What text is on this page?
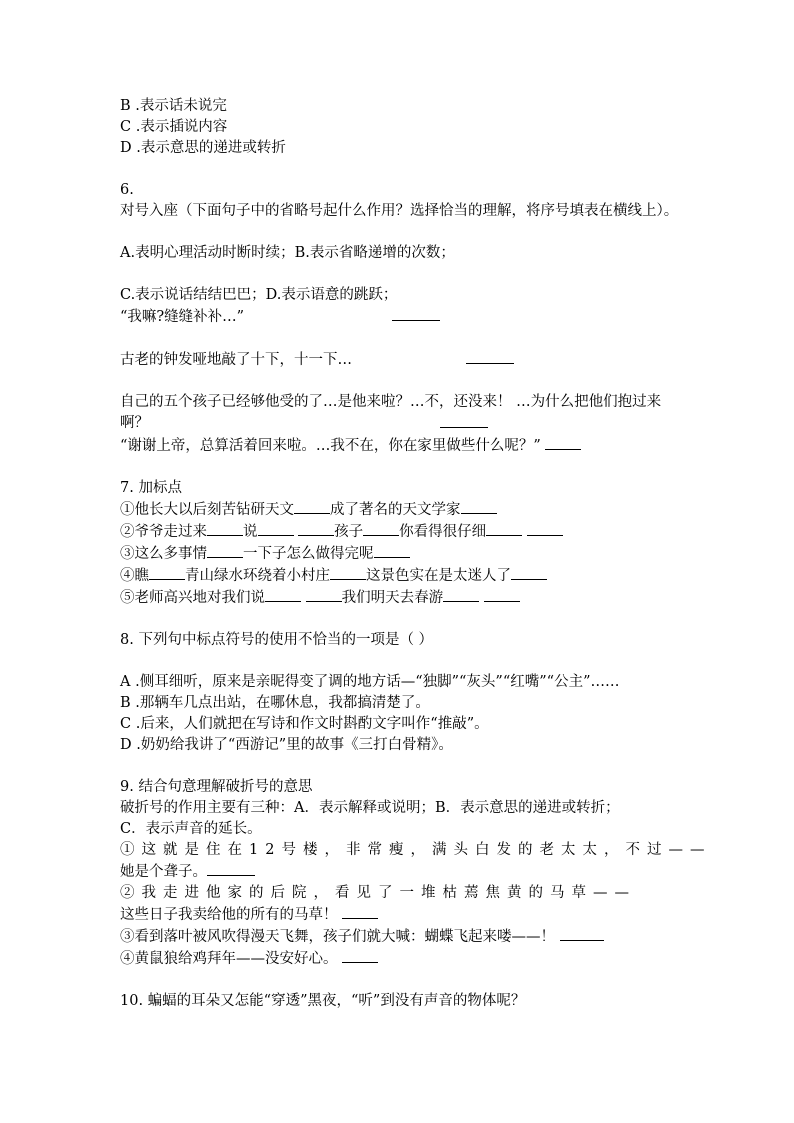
B .表示话未说完
C .表示插说内容
D .表示意思的递进或转折
6.
对号入座（下面句子中的省略号起什么作用？选择恰当的理解，将序号填表在横线上）。
A.表明心理活动时断时续；B.表示省略递增的次数；
C.表示说话结结巴巴；D.表示语意的跳跃；
“我嘛?缝缝补补…”
古老的钟发哑地敲了十下，十一下…
自己的五个孩子已经够他受的了…是他来啦？…不，还没来！ …为什么把他们抱过来啊？
“谢谢上帝，总算活着回来啦。…我不在，你在家里做些什么呢？”
7. 加标点
①他长大以后刻苦钻研天文 成了著名的天文学家
②爷爷走过来 说	孩子 你看得很仔细
③这么多事情 一下子怎么做得完呢
④瞧 青山绿水环绕着小村庄 这景色实在是太迷人了
⑤老师高兴地对我们说	我们明天去春游
8. 下列句中标点符号的使用不恰当的一项是（ ）
A .侧耳细听，原来是亲昵得变了调的地方话—“独脚”“灰头”“红嘴”“公主”……
B .那辆车几点出站，在哪休息，我都搞清楚了。
C .后来，人们就把在写诗和作文时斟酌文字叫作“推敲”。
D .奶奶给我讲了“西游记”里的故事《三打白骨精》。
9. 结合句意理解破折号的意思
破折号的作用主要有三种：A．表示解释或说明；B．表示意思的递进或转折；
C．表示声音的延长。
①这就是住在12号楼，非常瘦，满头白发的老太太，不过——
她是个聋子。
②我走进他家的后院，看见了一堆枯蔫焦黄的马草——
这些日子我卖给他的所有的马草！
③看到落叶被风吹得漫天飞舞，孩子们就大喊：蝴蝶飞起来喽——！
④黄鼠狼给鸡拜年——没安好心。
10. 蝙蝠的耳朵又怎能“穿透”黑夜，“听”到没有声音的物体呢？
